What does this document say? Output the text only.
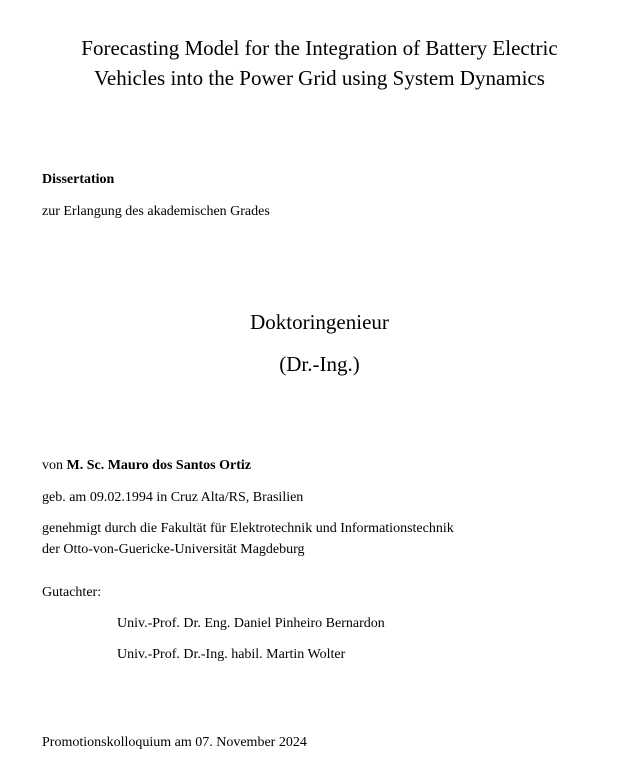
Forecasting Model for the Integration of Battery Electric
Vehicles into the Power Grid using System Dynamics
Dissertation
zur Erlangung des akademischen Grades
Doktoringenieur
(Dr.-Ing.)
von M. Sc. Mauro dos Santos Ortiz
geb. am 09.02.1994 in Cruz Alta/RS, Brasilien
genehmigt durch die Fakultät für Elektrotechnik und Informationstechnik
der Otto-von-Guericke-Universität Magdeburg
Gutachter:
Univ.-Prof. Dr. Eng. Daniel Pinheiro Bernardon
Univ.-Prof. Dr.-Ing. habil. Martin Wolter
Promotionskolloquium am 07. November 2024
